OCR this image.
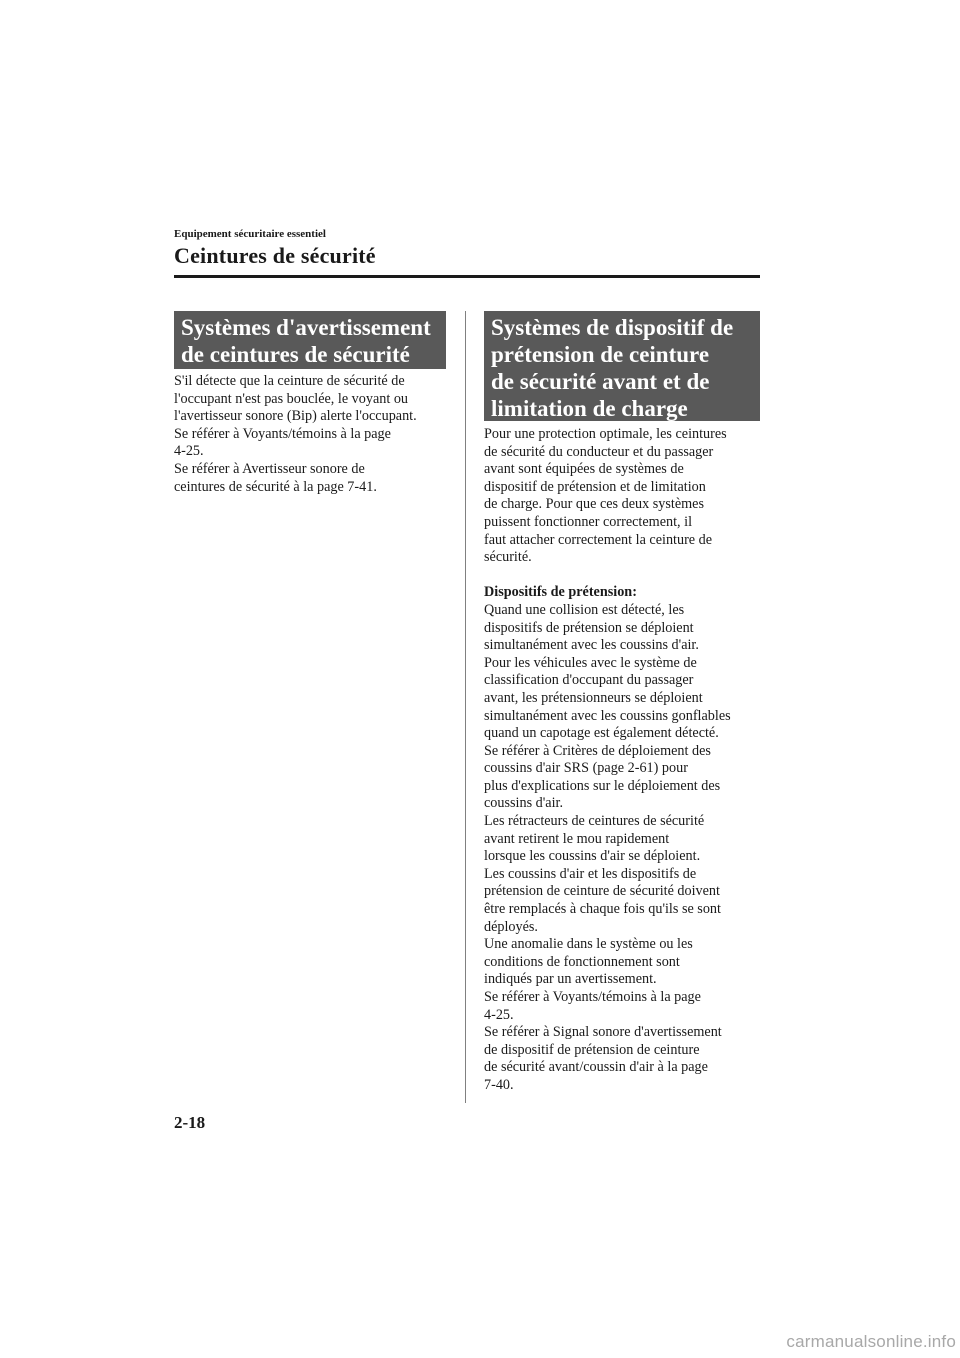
Equipement sécuritaire essentiel
Ceintures de sécurité
Systèmes d'avertissement
de ceintures de sécurité

S'il détecte que la ceinture de sécurité de

l'occupant n'est pas bouclée, le voyant ou

l'avertisseur sonore (Bip) alerte l'occupant.

Se référer à Voyants/témoins à la page

4-25.

Se référer à Avertisseur sonore de

ceintures de sécurité à la page 7-41.

Systèmes de dispositif de
prétension de ceinture
de sécurité avant et de
limitation de charge

Pour une protection optimale, les ceintures

de sécurité du conducteur et du passager

avant sont équipées de systèmes de

dispositif de prétension et de limitation

de charge. Pour que ces deux systèmes

puissent fonctionner correctement, il

faut attacher correctement la ceinture de

sécurité.

Dispositifs de prétension:

Quand une collision est détecté, les

dispositifs de prétension se déploient

simultanément avec les coussins d'air.

Pour les véhicules avec le système de

classification d'occupant du passager

avant, les prétensionneurs se déploient

simultanément avec les coussins gonflables

quand un capotage est également détecté.

Se référer à Critères de déploiement des

coussins d'air SRS (page 2-61) pour

plus d'explications sur le déploiement des

coussins d'air.

Les rétracteurs de ceintures de sécurité

avant retirent le mou rapidement

lorsque les coussins d'air se déploient.

Les coussins d'air et les dispositifs de

prétension de ceinture de sécurité doivent

être remplacés à chaque fois qu'ils se sont

déployés.

Une anomalie dans le système ou les

conditions de fonctionnement sont

indiqués par un avertissement.

Se référer à Voyants/témoins à la page

4-25.

Se référer à Signal sonore d'avertissement

de dispositif de prétension de ceinture

de sécurité avant/coussin d'air à la page

7-40.

2-18
carmanualsonline.info
